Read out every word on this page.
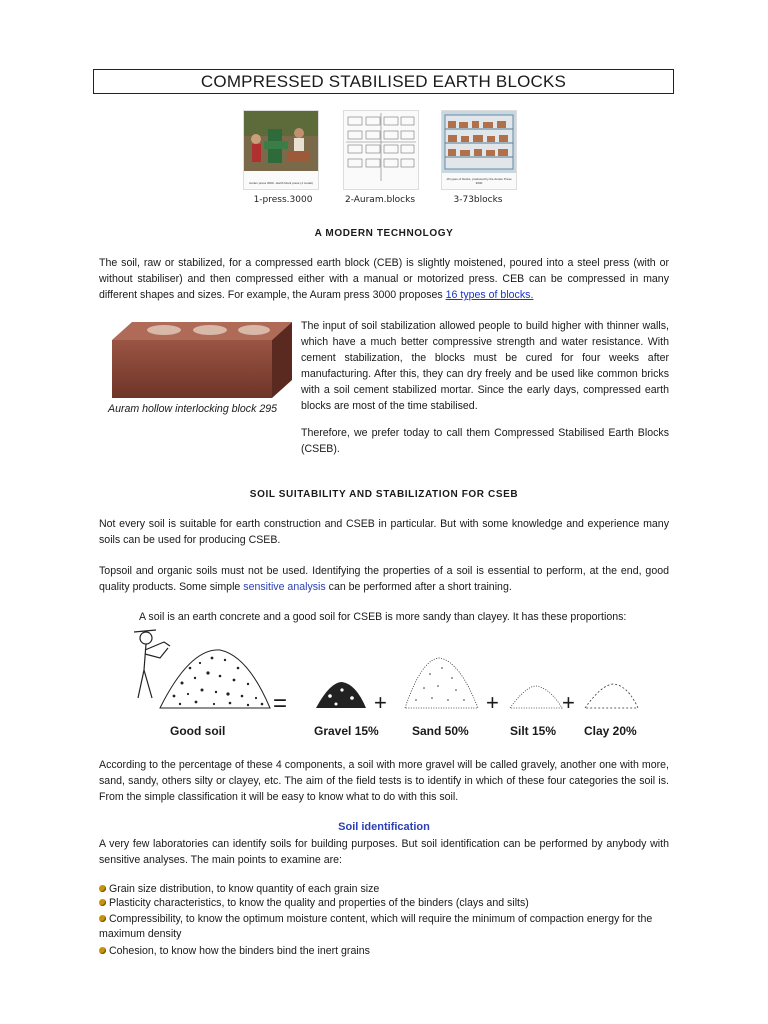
COMPRESSED STABILISED EARTH BLOCKS
Auram press 3000 - Earth block press (1 model)
1-press.3000	2-Auram.blocks
16 types of blocks, produced by the Auram Press 3000
3-73blocks
A MODERN TECHNOLOGY
The soil, raw or stabilized, for a compressed earth block (CEB) is slightly moistened, poured into a steel press (with or without stabiliser) and then compressed either with a manual or motorized press. CEB can be compressed in many different shapes and sizes. For example, the Auram press 3000 proposes 16 types of blocks.
Auram hollow interlocking block 295
The input of soil stabilization allowed people to build higher with thinner walls, which have a much better compressive strength and water resistance. With cement stabilization, the blocks must be cured for four weeks after manufacturing. After this, they can dry freely and be used like common bricks with a soil cement stabilized mortar. Since the early days, compressed earth blocks are most of the time stabilised.
Therefore, we prefer today to call them Compressed Stabilised Earth Blocks (CSEB).
SOIL SUITABILITY AND STABILIZATION FOR CSEB
Not every soil is suitable for earth construction and CSEB in particular. But with some knowledge and experience many soils can be used for producing CSEB.
Topsoil and organic soils must not be used. Identifying the properties of a soil is essential to perform, at the end, good quality products. Some simple sensitive analysis can be performed after a short training.
A soil is an earth concrete and a good soil for CSEB is more sandy than clayey. It has these proportions:
Good soil
=	+	+	+
Gravel 15%	Sand 50%	Silt 15% Clay 20%
According to the percentage of these 4 components, a soil with more gravel will be called gravely, another one with more, sand, sandy, others silty or clayey, etc. The aim of the field tests is to identify in which of these four categories the soil is. From the simple classification it will be easy to know what to do with this soil.
Soil identification
A very few laboratories can identify soils for building purposes. But soil identification can be performed by anybody with sensitive analyses. The main points to examine are:
Grain size distribution, to know quantity of each grain size
Plasticity characteristics, to know the quality and properties of the binders (clays and silts)
Compressibility, to know the optimum moisture content, which will require the minimum of compaction energy for the maximum density
Cohesion, to know how the binders bind the inert grains
